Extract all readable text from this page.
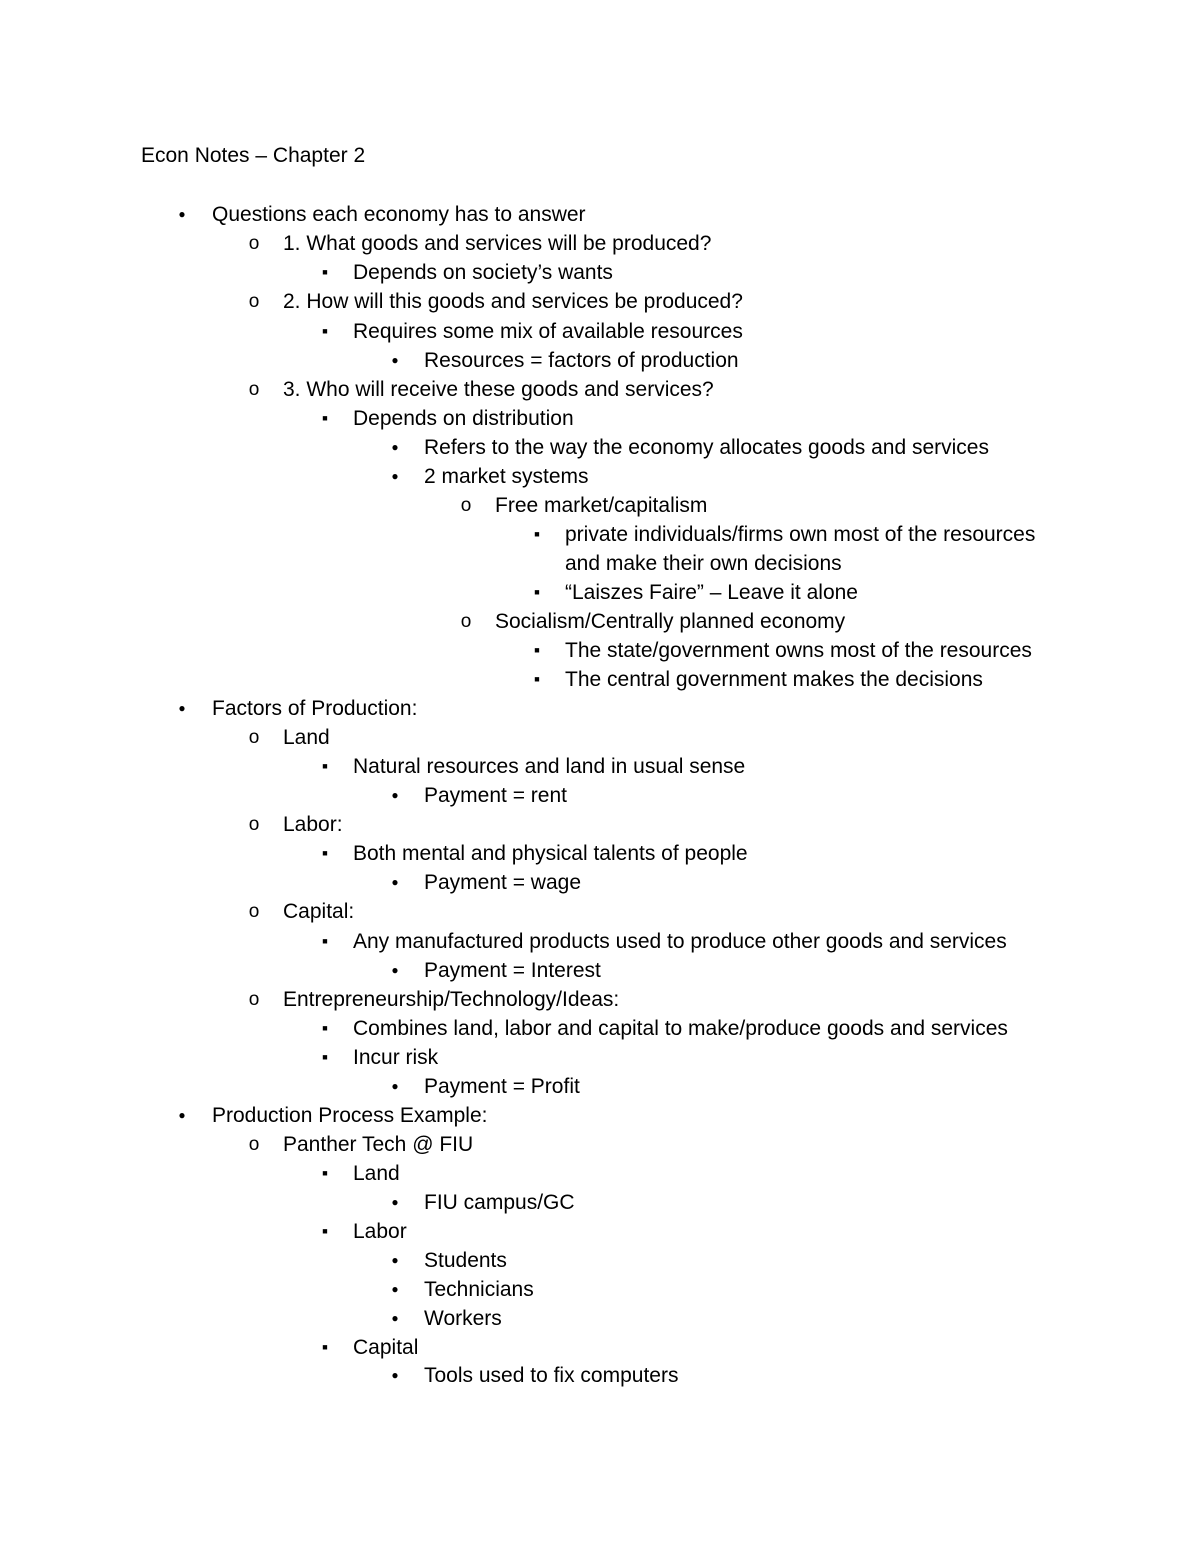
Econ Notes – Chapter 2
●
Questions each economy has to answer
o
1. What goods and services will be produced?
■
Depends on society’s wants
o
2. How will this goods and services be produced?
■
Requires some mix of available resources
●
Resources = factors of production
o
3. Who will receive these goods and services?
■
Depends on distribution
●
Refers to the way the economy allocates goods and services
●
2 market systems
o
Free market/capitalism
■
private individuals/firms own most of the resources
and make their own decisions
■
“Laiszes Faire” – Leave it alone
o
Socialism/Centrally planned economy
■
The state/government owns most of the resources
■
The central government makes the decisions
●
Factors of Production:
o
Land
■
Natural resources and land in usual sense
●
Payment = rent
o
Labor:
■
Both mental and physical talents of people
●
Payment = wage
o
Capital:
■
Any manufactured products used to produce other goods and services
●
Payment = Interest
o
Entrepreneurship/Technology/Ideas:
■
Combines land, labor and capital to make/produce goods and services
■
Incur risk
●
Payment = Profit
●
Production Process Example:
o
Panther Tech @ FIU
■
Land
●
FIU campus/GC
■
Labor
●
Students
●
Technicians
●
Workers
■
Capital
●
Tools used to fix computers
